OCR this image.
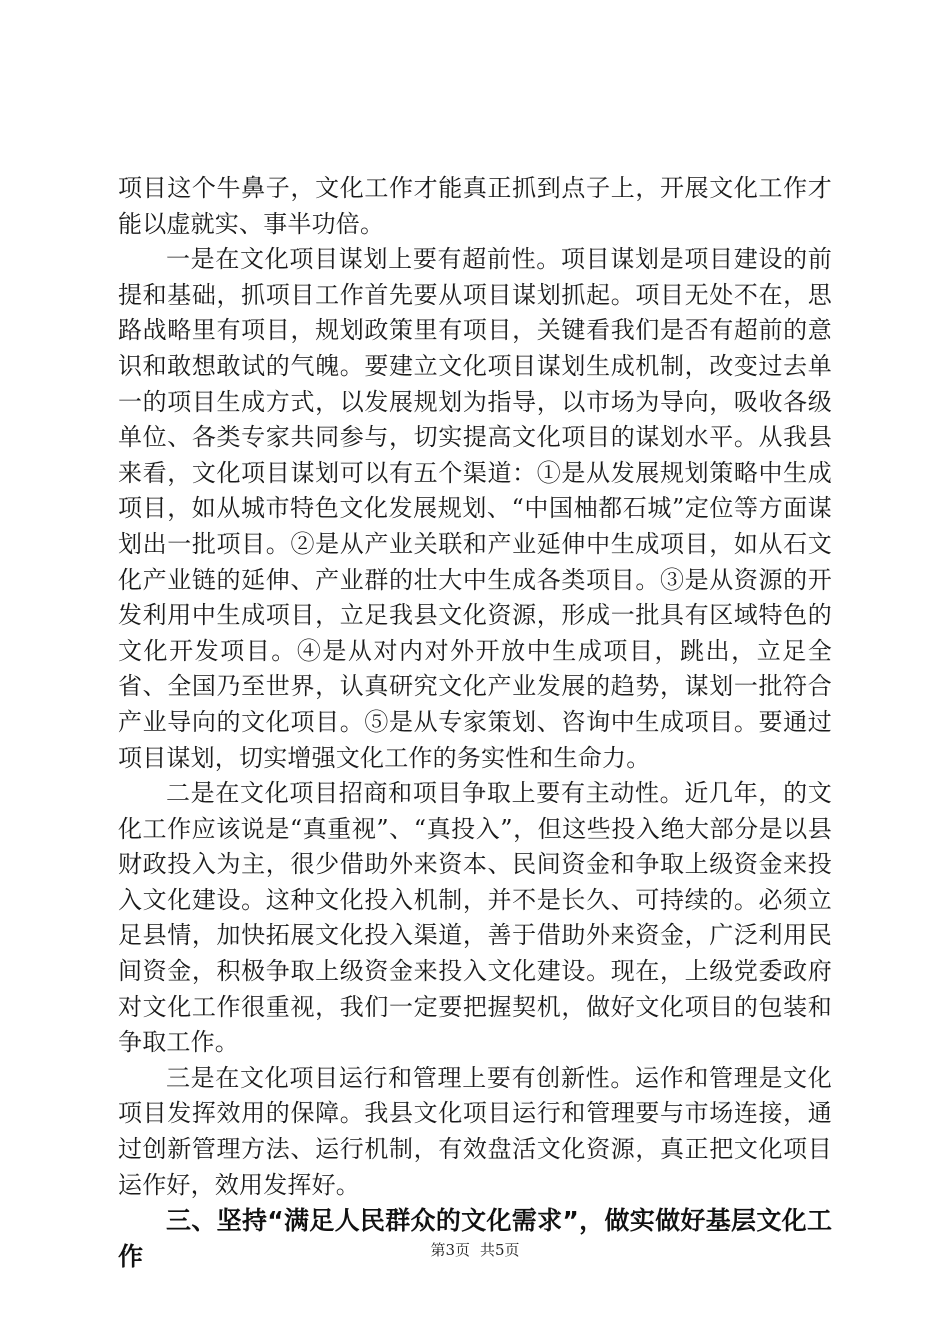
项目这个牛鼻子，文化工作才能真正抓到点子上，开展文化工作才能以虚就实、事半功倍。

一是在文化项目谋划上要有超前性。项目谋划是项目建设的前提和基础，抓项目工作首先要从项目谋划抓起。项目无处不在，思路战略里有项目，规划政策里有项目，关键看我们是否有超前的意识和敢想敢试的气魄。要建立文化项目谋划生成机制，改变过去单一的项目生成方式，以发展规划为指导，以市场为导向，吸收各级单位、各类专家共同参与，切实提高文化项目的谋划水平。从我县来看，文化项目谋划可以有五个渠道：①是从发展规划策略中生成项目，如从城市特色文化发展规划、“中国柚都石城”定位等方面谋划出一批项目。②是从产业关联和产业延伸中生成项目，如从石文化产业链的延伸、产业群的壮大中生成各类项目。③是从资源的开发利用中生成项目，立足我县文化资源，形成一批具有区域特色的文化开发项目。④是从对内对外开放中生成项目，跳出，立足全省、全国乃至世界，认真研究文化产业发展的趋势，谋划一批符合产业导向的文化项目。⑤是从专家策划、咨询中生成项目。要通过项目谋划，切实增强文化工作的务实性和生命力。

二是在文化项目招商和项目争取上要有主动性。近几年，的文化工作应该说是“真重视”、“真投入”，但这些投入绝大部分是以县财政投入为主，很少借助外来资本、民间资金和争取上级资金来投入文化建设。这种文化投入机制，并不是长久、可持续的。必须立足县情，加快拓展文化投入渠道，善于借助外来资金，广泛利用民间资金，积极争取上级资金来投入文化建设。现在，上级党委政府对文化工作很重视，我们一定要把握契机，做好文化项目的包装和争取工作。

三是在文化项目运行和管理上要有创新性。运作和管理是文化项目发挥效用的保障。我县文化项目运行和管理要与市场连接，通过创新管理方法、运行机制，有效盘活文化资源，真正把文化项目运作好，效用发挥好。

三、坚持“满足人民群众的文化需求”，做实做好基层文化工作	第3页 共5页
